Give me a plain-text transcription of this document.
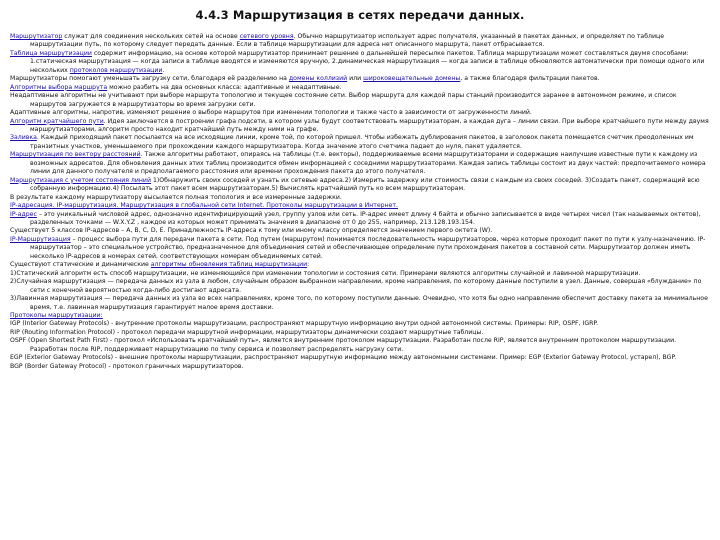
4.4.3 Маршрутизация в сетях передачи данных.

Маршрутизатор служат для соединения нескольких сетей на основе сетевого уровня. Обычно маршрутизатор использует адрес получателя, указанный в пакетах данных, и определяет по таблице маршрутизации путь, по которому следует передать данные. Если в таблице маршрутизации для адреса нет описанного маршрута, пакет отбрасывается.

Таблица маршрутизации содержит информацию, на основе которой маршрутизатор принимает решение о дальнейшей пересылке пакетов. Таблица маршрутизации может составляться двумя способами: 1.статическая маршрутизация — когда записи в таблице вводятся и изменяются вручную, 2.динамическая маршрутизация — когда записи в таблице обновляются автоматически при помощи одного или нескольких протоколов маршрутизации.

Маршрутизаторы помогают уменьшать загрузку сети, благодаря её разделению на домены коллизий или широковещательные домены, а также благодаря фильтрации пакетов.

Алгоритмы выбора маршрута можно разбить на два основных класса: адаптивные и неадаптивные.

Неадаптивные алгоритмы не учитывают при выборе маршрута топологию и текущее состояние сети. Выбор маршрута для каждой пары станций производится заранее в автономном режиме, и список маршрутов загружается в маршрутизаторы во время загрузки сети.

Адаптивные алгоритмы, напротив, изменяют решение о выборе маршрутов при изменении топологии и также часто в зависимости от загруженности линий.

Алгоритм кратчайшего пути. Идея заключается в построении графа подсети, в котором узлы будут соответствовать маршрутизаторам, а каждая дуга – линии связи. При выборе кратчайшего пути между двумя маршрутизаторами, алгоритм просто находит кратчайший путь между ними на графе.

Заливка. Каждый приходящий пакет посылается на все исходящие линии, кроме той, по которой пришел. Чтобы избежать дублирования пакетов, в заголовок пакета помещается счетчик преодоленных им транзитных участков, уменьшаемого при прохождении каждого маршрутизатора. Когда значение этого счетчика падает до нуля, пакет удаляется.

Маршрутизация по вектору расстояний. Также алгоритмы работают, опираясь на таблицы (т.е. векторы), поддерживаемые всеми маршрутизаторами и содержащие наилучшие известные пути к каждому из возможных адресатов. Для обновления данных этих таблиц производится обмен информацией с соседними маршрутизаторами. Каждая запись таблицы состоит из двух частей: предпочитаемого номера линии для данного получателя и предполагаемого расстояния или времени прохождения пакета до этого получателя.

Маршрутизация с учетом состояния линий 1)Обнаружить своих соседей и узнать их сетевые адреса.2) Измерить задержку или стоимость связи с каждым из своих соседей. 3)Создать пакет, содержащий всю собранную информацию.4) Посылать этот пакет всем маршрутизаторам.5) Вычислять кратчайший путь ко всем маршрутизаторам.

В результате каждому маршрутизатору высылается полная топология и все измеренные задержки.

IP-адресация. IP-маршрутизация. Маршрутизация в глобальной сети Internet. Протоколы маршрутизации в Интернет.

IP-адрес – это уникальный числовой адрес, однозначно идентифицирующий узел, группу узлов или сеть. IP-адрес имеет длину 4 байта и обычно записывается в виде четырех чисел (так называемых октетов), разделенных точками — W.X.Y.Z , каждое из которых может принимать значения в диапазоне от 0 до 255, например, 213.128.193.154.

Существует 5 классов IP-адресов – A, B, C, D, E. Принадлежность IP-адреса к тому или иному классу определяется значением первого октета (W).

IP-Маршрутизация – процесс выбора пути для передачи пакета в сети. Под путем (маршрутом) понимается последовательность маршрутизаторов, через которые проходит пакет по пути к узлу-назначению. IP-маршрутизатор – это специальное устройство, предназначенное для объединения сетей и обеспечивающее определение пути прохождения пакетов в составной сети. Маршрутизатор должен иметь несколько IP-адресов в номерах сетей, соответствующих номерам объединяемых сетей.

Существуют статические и динамические алгоритмы обновления таблиц маршрутизации:

1)Статический алгоритм есть способ маршрутизации, не изменяющийся при изменении топологии и состояния сети. Примерами являются алгоритмы случайной и лавинной маршрутизации.

2)Случайная маршрутизация — передача данных из узла в любом, случайным образом выбранном направлении, кроме направления, по которому данные поступили в узел. Данные, совершая «блуждание» по сети с конечной вероятностью когда-либо достигают адресата.

3)Лавинная маршрутизация — передача данных из узла во всех направлениях, кроме того, по которому поступили данные. Очевидно, что хотя бы одно направление обеспечит доставку пакета за минимальное время, т.е. лавинная маршрутизация гарантирует малое время доставки.

Протоколы маршрутизации:

IGP (Interior Gateway Protocols) - внутренние протоколы маршрутизации, распространяют маршрутную информацию внутри одной автономной системы. Примеры: RIP, OSPF, IGRP.

RIP (Routing Information Protocol) - протокол передачи маршрутной информации, маршрутизаторы динамически создают маршрутные таблицы.

OSPF (Open Shortest Path First) - протокол «Использовать кратчайший путь», является внутренним протоколом маршрутизации. Разработан после RIP, является внутренним протоколом маршрутизации. Разработан после RIP, поддерживает маршрутизацию по типу сервиса и позволяет распределять нагрузку сети.

EGP (Exterior Gateway Protocols) - внешние протоколы маршрутизации, распространяют маршрутную информацию между автономными системами. Пример: EGP (Exterior Gateway Protocol, устарел), BGP.

BGP (Border Gateway Protocol) - протокол граничных маршрутизаторов.
